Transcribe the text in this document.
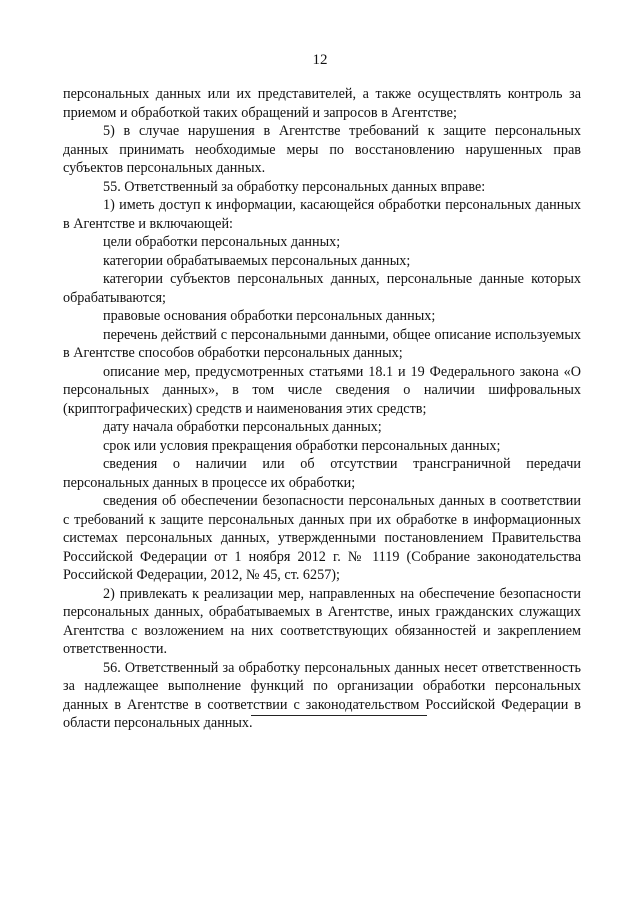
12

персональных данных или их представителей, а также осуществлять контроль за приемом и обработкой таких обращений и запросов в Агентстве;

5) в случае нарушения в Агентстве требований к защите персональных данных принимать необходимые меры по восстановлению нарушенных прав субъектов персональных данных.

55. Ответственный за обработку персональных данных вправе:

1) иметь доступ к информации, касающейся обработки персональных данных в Агентстве и включающей:

цели обработки персональных данных;

категории обрабатываемых персональных данных;

категории субъектов персональных данных, персональные данные которых обрабатываются;

правовые основания обработки персональных данных;

перечень действий с персональными данными, общее описание используемых в Агентстве способов обработки персональных данных;

описание мер, предусмотренных статьями 18.1 и 19 Федерального закона «О персональных данных», в том числе сведения о наличии шифровальных (криптографических) средств и наименования этих средств;

дату начала обработки персональных данных;

срок или условия прекращения обработки персональных данных;

сведения о наличии или об отсутствии трансграничной передачи персональных данных в процессе их обработки;

сведения об обеспечении безопасности персональных данных в соответствии с требований к защите персональных данных при их обработке в информационных системах персональных данных, утвержденными постановлением Правительства Российской Федерации от 1 ноября 2012 г. № 1119 (Собрание законодательства Российской Федерации, 2012, № 45, ст. 6257);

2) привлекать к реализации мер, направленных на обеспечение безопасности персональных данных, обрабатываемых в Агентстве, иных гражданских служащих Агентства с возложением на них соответствующих обязанностей и закреплением ответственности.

56. Ответственный за обработку персональных данных несет ответственность за надлежащее выполнение функций по организации обработки персональных данных в Агентстве в соответствии с законодательством Российской Федерации в области персональных данных.
